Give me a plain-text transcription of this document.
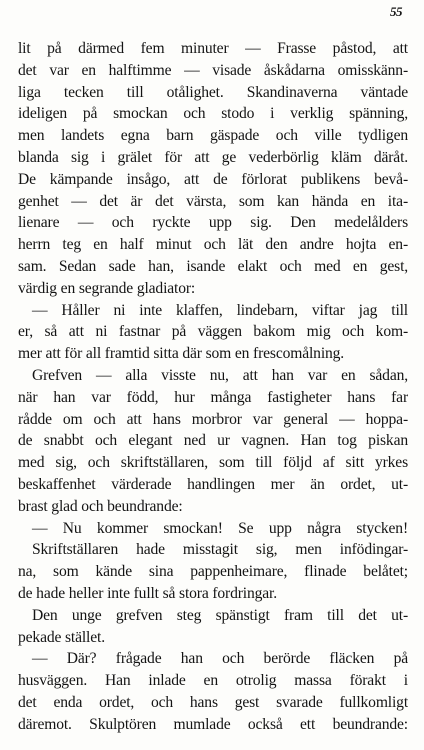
55
lit på därmed fem minuter — Frasse påstod, att
det var en halftimme — visade åskådarna omisskänn-
liga tecken till otålighet. Skandinaverna väntade
ideligen på smockan och stodo i verklig spänning,
men landets egna barn gäspade och ville tydligen
blanda sig i grälet för att ge vederbörlig kläm däråt.
De kämpande insågo, att de förlorat publikens bevå-
genhet — det är det värsta, som kan hända en ita-
lienare — och ryckte upp sig. Den medelålders
herrn teg en half minut och lät den andre hojta en-
sam. Sedan sade han, isande elakt och med en gest,
värdig en segrande gladiator:
— Håller ni inte klaffen, lindebarn, viftar jag till
er, så att ni fastnar på väggen bakom mig och kom-
mer att för all framtid sitta där som en frescomålning.
Grefven — alla visste nu, att han var en sådan,
när han var född, hur många fastigheter hans far
rådde om och att hans morbror var general — hoppa-
de snabbt och elegant ned ur vagnen. Han tog piskan
med sig, och skriftställaren, som till följd af sitt yrkes
beskaffenhet värderade handlingen mer än ordet, ut-
brast glad och beundrande:
— Nu kommer smockan! Se upp några stycken!
Skriftställaren hade misstagit sig, men infödingar-
na, som kände sina pappenheimare, flinade belåtet;
de hade heller inte fullt så stora fordringar.
Den unge grefven steg spänstigt fram till det ut-
pekade stället.
— Där? frågade han och berörde fläcken på
husväggen. Han inlade en otrolig massa förakt i
det enda ordet, och hans gest svarade fullkomligt
däremot. Skulptören mumlade också ett beundrande:
